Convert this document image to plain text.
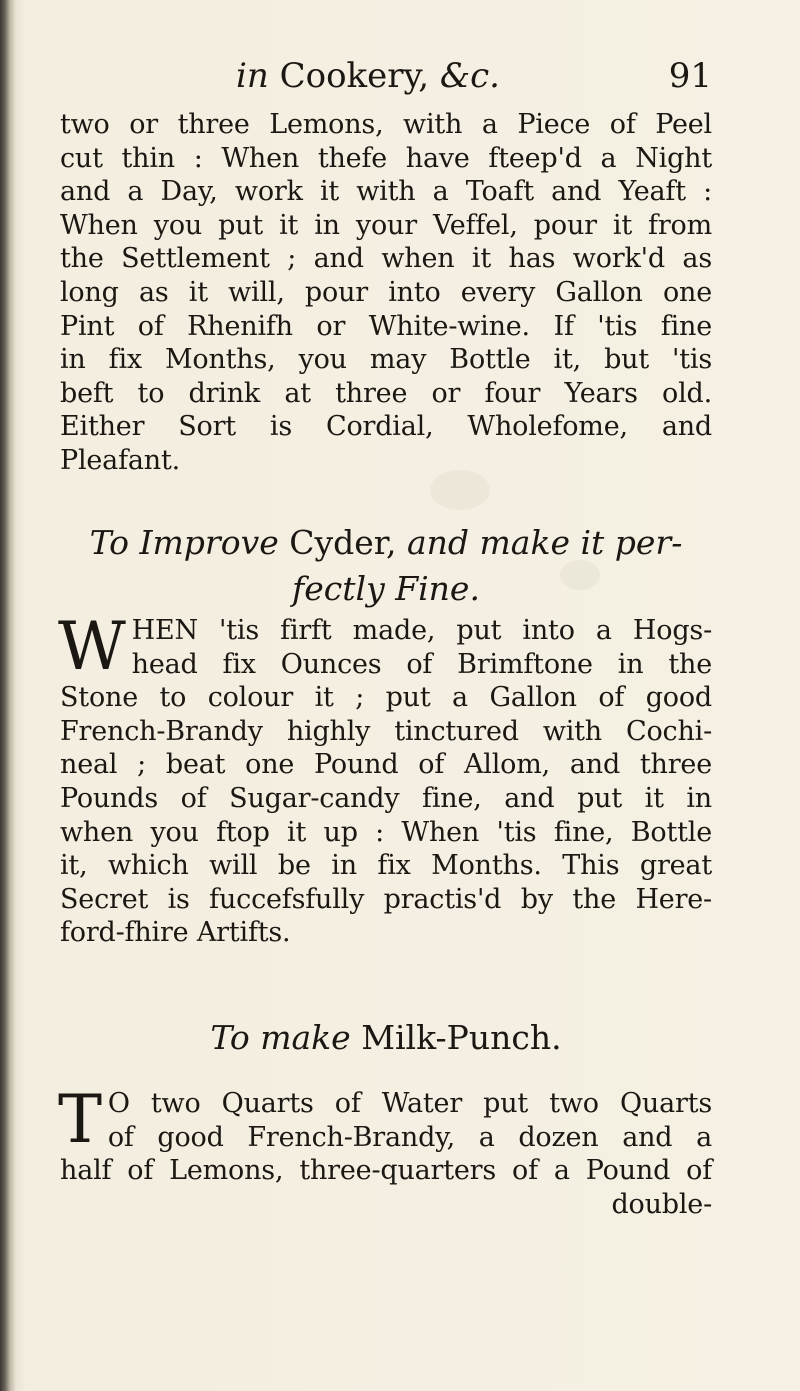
in Cookery, &c.	91
two or three Lemons, with a Piece of Peel
cut thin : When thefe have fteep'd a Night
and a Day, work it with a Toaft and Yeaft :
When you put it in your Veffel, pour it from
the Settlement ; and when it has work'd as
long as it will, pour into every Gallon one
Pint of Rhenifh or White-wine. If 'tis fine
in fix Months, you may Bottle it, but 'tis
beft to drink at three or four Years old.
Either Sort is Cordial, Wholefome, and
Pleafant.
To Improve Cyder, and make it per-
fectly Fine.
W HEN 'tis firft made, put into a Hogs-
head fix Ounces of Brimftone in the
Stone to colour it ; put a Gallon of good
French-Brandy highly tinctured with Cochi-
neal ; beat one Pound of Allom, and three
Pounds of Sugar-candy fine, and put it in
when you ftop it up : When 'tis fine, Bottle
it, which will be in fix Months. This great
Secret is fuccefsfully practis'd by the Here-
ford-fhire Artifts.
To make Milk-Punch.
T O two Quarts of Water put two Quarts
of good French-Brandy, a dozen and a
half of Lemons, three-quarters of a Pound of
double-
